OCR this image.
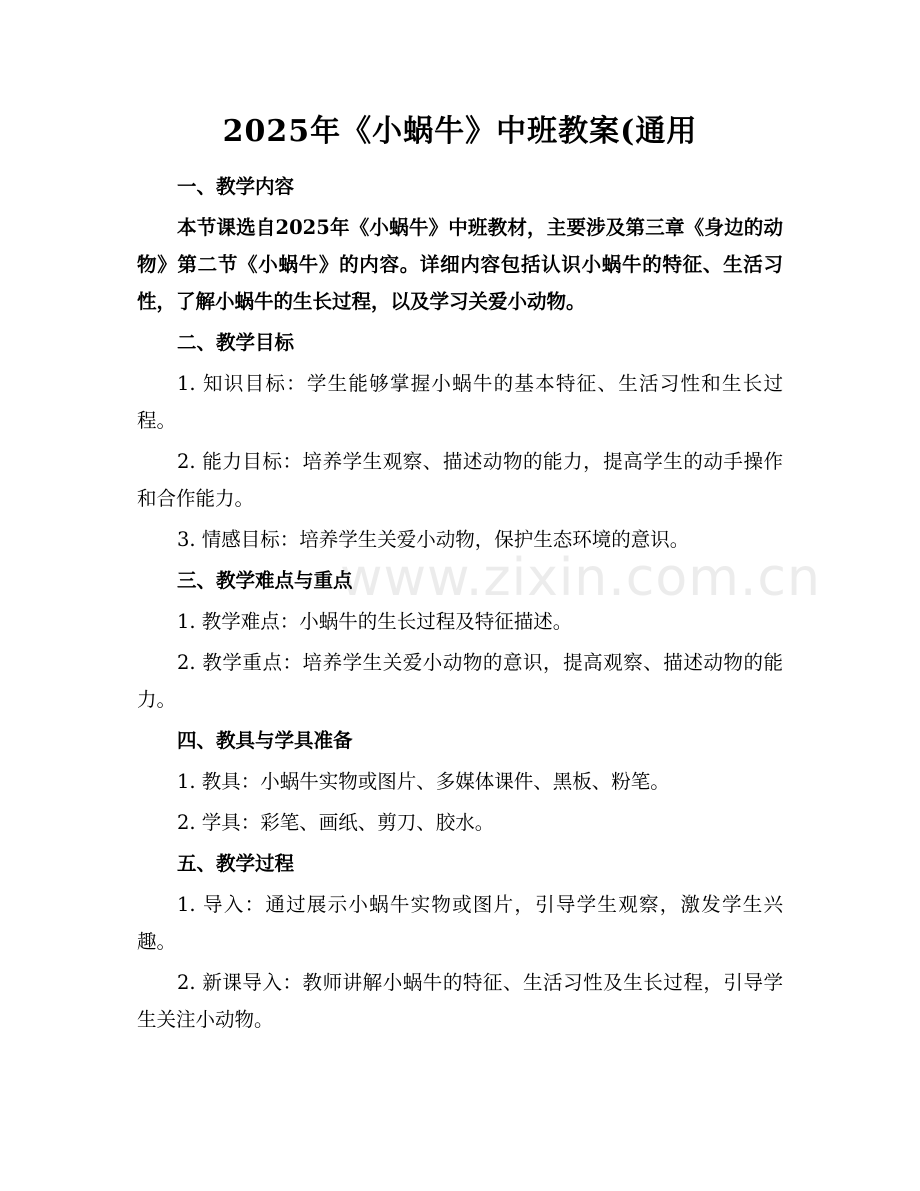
2025年《小蜗牛》中班教案(通用
www.zixin.com.cn

一、教学内容

本节课选自2025年《小蜗牛》中班教材，主要涉及第三章《身边的动物》第二节《小蜗牛》的内容。详细内容包括认识小蜗牛的特征、生活习性，了解小蜗牛的生长过程，以及学习关爱小动物。

二、教学目标

1. 知识目标：学生能够掌握小蜗牛的基本特征、生活习性和生长过程。

2. 能力目标：培养学生观察、描述动物的能力，提高学生的动手操作和合作能力。

3. 情感目标：培养学生关爱小动物，保护生态环境的意识。

三、教学难点与重点

1. 教学难点：小蜗牛的生长过程及特征描述。

2. 教学重点：培养学生关爱小动物的意识，提高观察、描述动物的能力。

四、教具与学具准备

1. 教具：小蜗牛实物或图片、多媒体课件、黑板、粉笔。

2. 学具：彩笔、画纸、剪刀、胶水。

五、教学过程

1. 导入：通过展示小蜗牛实物或图片，引导学生观察，激发学生兴趣。

2. 新课导入：教师讲解小蜗牛的特征、生活习性及生长过程，引导学生关注小动物。
